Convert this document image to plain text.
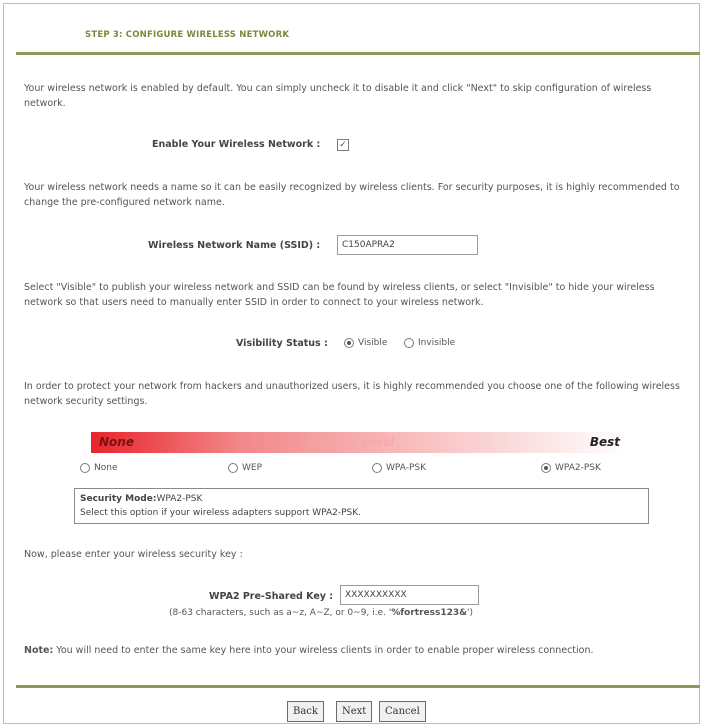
STEP 3: CONFIGURE WIRELESS NETWORK
Your wireless network is enabled by default. You can simply uncheck it to disable it and click "Next" to skip configuration of wireless network.
Enable Your Wireless Network : ✓
Your wireless network needs a name so it can be easily recognized by wireless clients. For security purposes, it is highly recommended to change the pre-configured network name.
Wireless Network Name (SSID) :
C150APRA2
Select "Visible" to publish your wireless network and SSID can be found by wireless clients, or select "Invisible" to hide your wireless network so that users need to manually enter SSID in order to connect to your wireless network.
Visibility Status :	Visible	Invisible
In order to protect your network from hackers and unauthorized users, it is highly recommended you choose one of the following wireless network security settings.
None	Security Level	Best
None	WEP	WPA-PSK	WPA2-PSK
Security Mode:WPA2-PSK
Select this option if your wireless adapters support WPA2-PSK.
Now, please enter your wireless security key :
WPA2 Pre-Shared Key :
XXXXXXXXXX
(8-63 characters, such as a~z, A~Z, or 0~9, i.e. '%fortress123&')
Note: You will need to enter the same key here into your wireless clients in order to enable proper wireless connection.
Back	Next	Cancel
